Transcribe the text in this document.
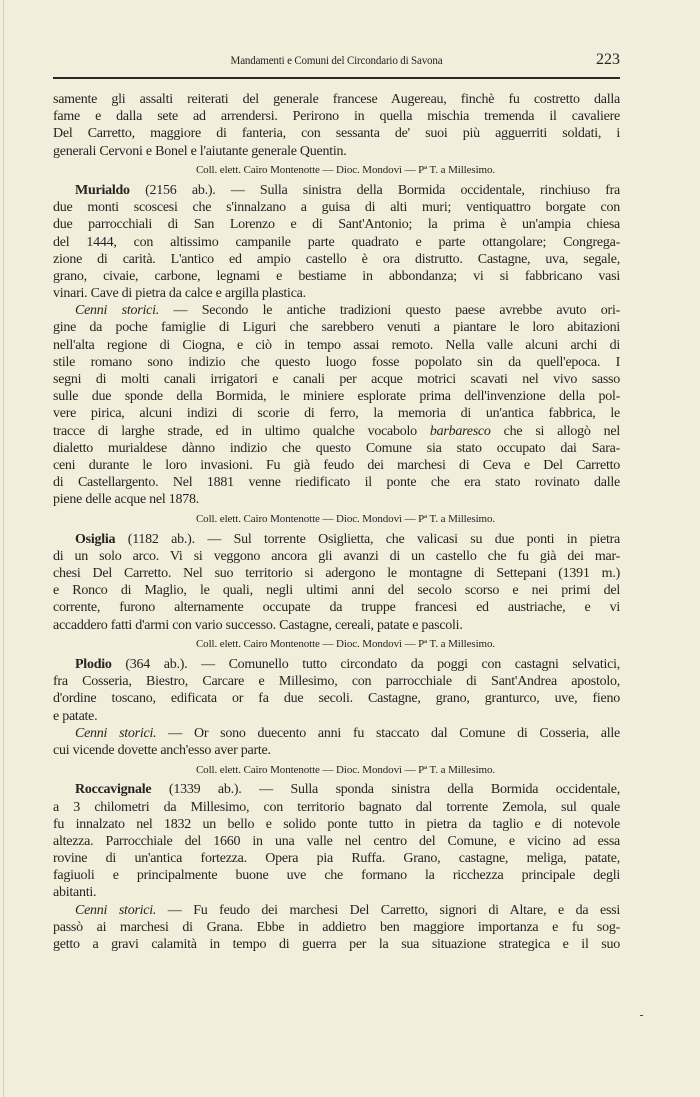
Mandamenti e Comuni del Circondario di Savona	223
samente gli assalti reiterati del generale francese Augereau, finchè fu costretto dalla
fame e dalla sete ad arrendersi. Perirono in quella mischia tremenda il cavaliere
Del Carretto, maggiore di fanteria, con sessanta de' suoi più agguerriti soldati, i
generali Cervoni e Bonel e l'aiutante generale Quentin.
Coll. elett. Cairo Montenotte — Dioc. Mondovì — Pª T. a Millesimo.
Murialdo (2156 ab.). — Sulla sinistra della Bormida occidentale, rinchiuso fra
due monti scoscesi che s'innalzano a guisa di alti muri; ventiquattro borgate con
due parrocchiali di San Lorenzo e di Sant'Antonio; la prima è un'ampia chiesa
del 1444, con altissimo campanile parte quadrato e parte ottangolare; Congrega-
zione di carità. L'antico ed ampio castello è ora distrutto. Castagne, uva, segale,
grano, civaie, carbone, legnami e bestiame in abbondanza; vi si fabbricano vasi
vinari. Cave di pietra da calce e argilla plastica.
Cenni storici. — Secondo le antiche tradizioni questo paese avrebbe avuto ori-
gine da poche famiglie di Liguri che sarebbero venuti a piantare le loro abitazioni
nell'alta regione di Ciogna, e ciò in tempo assai remoto. Nella valle alcuni archi di
stile romano sono indizio che questo luogo fosse popolato sin da quell'epoca. I
segni di molti canali irrigatori e canali per acque motrici scavati nel vivo sasso
sulle due sponde della Bormida, le miniere esplorate prima dell'invenzione della pol-
vere pirica, alcuni indizi di scorie di ferro, la memoria di un'antica fabbrica, le
tracce di larghe strade, ed in ultimo qualche vocabolo barbaresco che si allogò nel
dialetto murialdese dànno indizio che questo Comune sia stato occupato dai Sara-
ceni durante le loro invasioni. Fu già feudo dei marchesi di Ceva e Del Carretto
di Castellargento. Nel 1881 venne riedificato il ponte che era stato rovinato dalle
piene delle acque nel 1878.
Coll. elett. Cairo Montenotte — Dioc. Mondovì — Pª T. a Millesimo.
Osiglia (1182 ab.). — Sul torrente Osiglietta, che valicasi su due ponti in pietra
di un solo arco. Vi si veggono ancora gli avanzi di un castello che fu già dei mar-
chesi Del Carretto. Nel suo territorio si adergono le montagne di Settepani (1391 m.)
e Ronco di Maglio, le quali, negli ultimi anni del secolo scorso e nei primi del
corrente, furono alternamente occupate da truppe francesi ed austriache, e vi
accaddero fatti d'armi con vario successo. Castagne, cereali, patate e pascoli.
Coll. elett. Cairo Montenotte — Dioc. Mondovì — Pª T. a Millesimo.
Plodio (364 ab.). — Comunello tutto circondato da poggi con castagni selvatici,
fra Cosseria, Biestro, Carcare e Millesimo, con parrocchiale di Sant'Andrea apostolo,
d'ordine toscano, edificata or fa due secoli. Castagne, grano, granturco, uve, fieno
e patate.
Cenni storici. — Or sono duecento anni fu staccato dal Comune di Cosseria, alle
cui vicende dovette anch'esso aver parte.
Coll. elett. Cairo Montenotte — Dioc. Mondovì — Pª T. a Millesimo.
Roccavignale (1339 ab.). — Sulla sponda sinistra della Bormida occidentale,
a 3 chilometri da Millesimo, con territorio bagnato dal torrente Zemola, sul quale
fu innalzato nel 1832 un bello e solido ponte tutto in pietra da taglio e di notevole
altezza. Parrocchiale del 1660 in una valle nel centro del Comune, e vicino ad essa
rovine di un'antica fortezza. Opera pia Ruffa. Grano, castagne, meliga, patate,
fagiuoli e principalmente buone uve che formano la ricchezza principale degli
abitanti.
Cenni storici. — Fu feudo dei marchesi Del Carretto, signori di Altare, e da essi
passò ai marchesi di Grana. Ebbe in addietro ben maggiore importanza e fu sog-
getto a gravi calamità in tempo di guerra per la sua situazione strategica e il suo
